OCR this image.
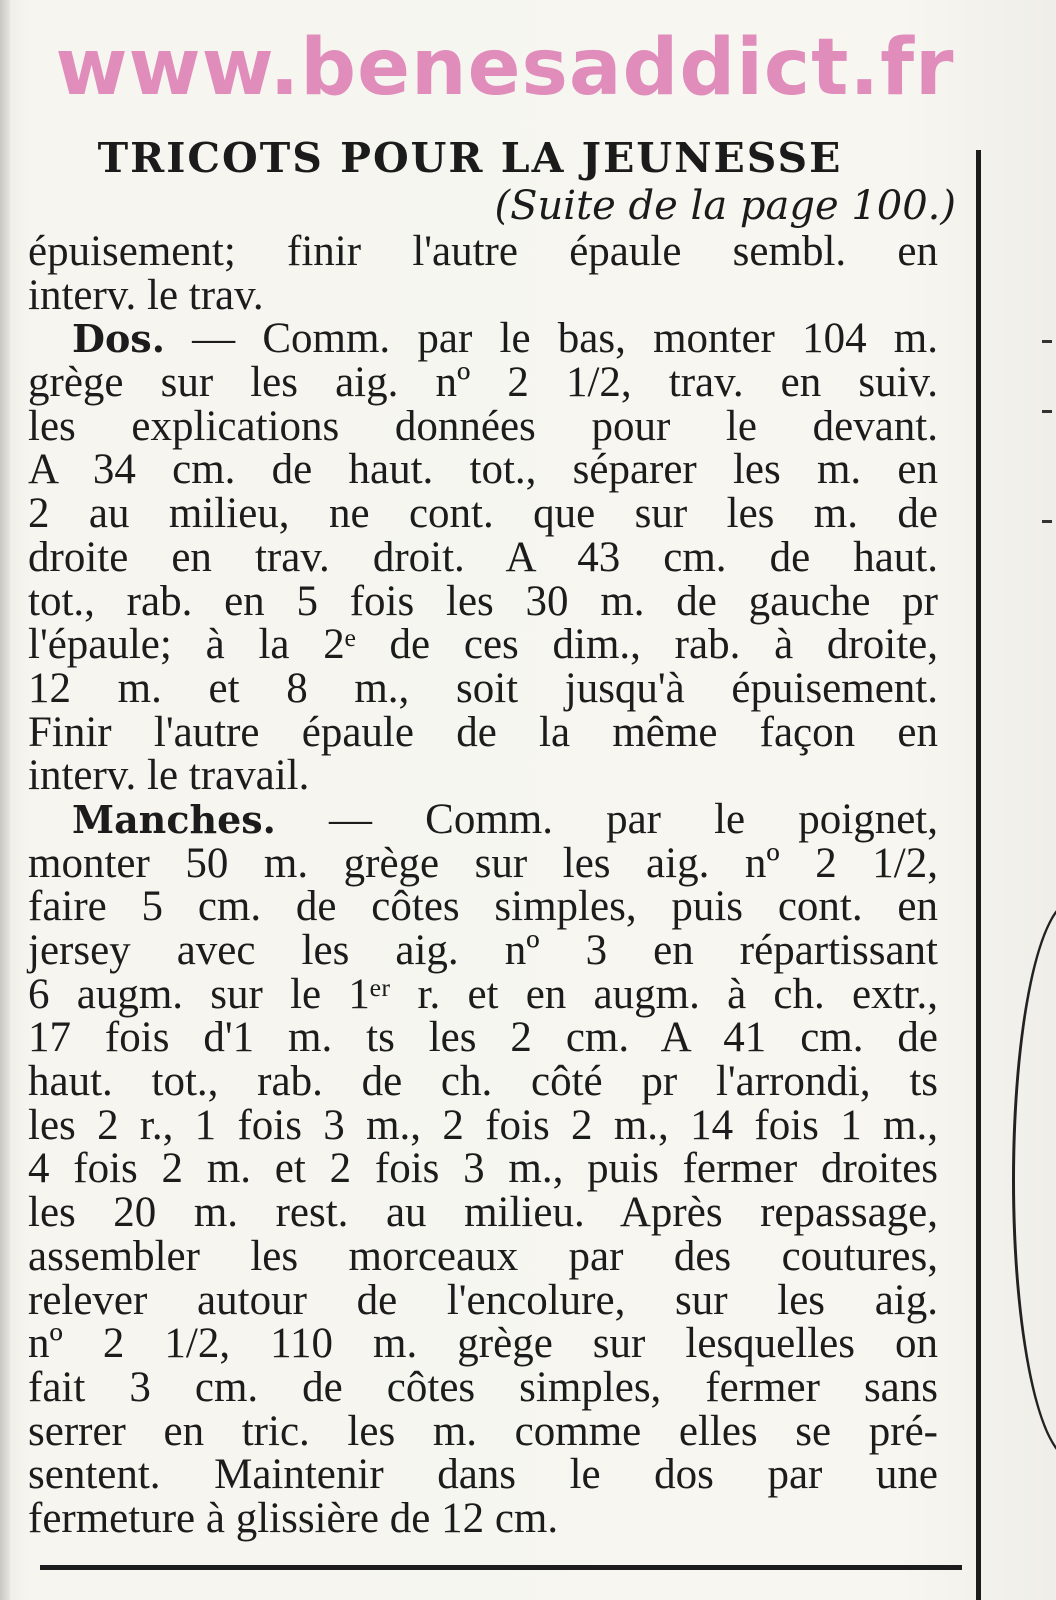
www.benesaddict.fr
TRICOTS POUR LA JEUNESSE
(Suite de la page 100.)
épuisement; finir l'autre épaule sembl. en
interv. le trav.
Dos. — Comm. par le bas, monter 104 m.
grège sur les aig. nº 2 1/2, trav. en suiv.
les explications données pour le devant.
A 34 cm. de haut. tot., séparer les m. en
2 au milieu, ne cont. que sur les m. de
droite en trav. droit. A 43 cm. de haut.
tot., rab. en 5 fois les 30 m. de gauche pr
l'épaule; à la 2ᵉ de ces dim., rab. à droite,
12 m. et 8 m., soit jusqu'à épuisement.
Finir l'autre épaule de la même façon en
interv. le travail.
Manches. — Comm. par le poignet,
monter 50 m. grège sur les aig. nº 2 1/2,
faire 5 cm. de côtes simples, puis cont. en
jersey avec les aig. nº 3 en répartissant
6 augm. sur le 1ᵉʳ r. et en augm. à ch. extr.,
17 fois d'1 m. ts les 2 cm. A 41 cm. de
haut. tot., rab. de ch. côté pr l'arrondi, ts
les 2 r., 1 fois 3 m., 2 fois 2 m., 14 fois 1 m.,
4 fois 2 m. et 2 fois 3 m., puis fermer droites
les 20 m. rest. au milieu. Après repassage,
assembler les morceaux par des coutures,
relever autour de l'encolure, sur les aig.
nº 2 1/2, 110 m. grège sur lesquelles on
fait 3 cm. de côtes simples, fermer sans
serrer en tric. les m. comme elles se pré-
sentent. Maintenir dans le dos par une
fermeture à glissière de 12 cm.
